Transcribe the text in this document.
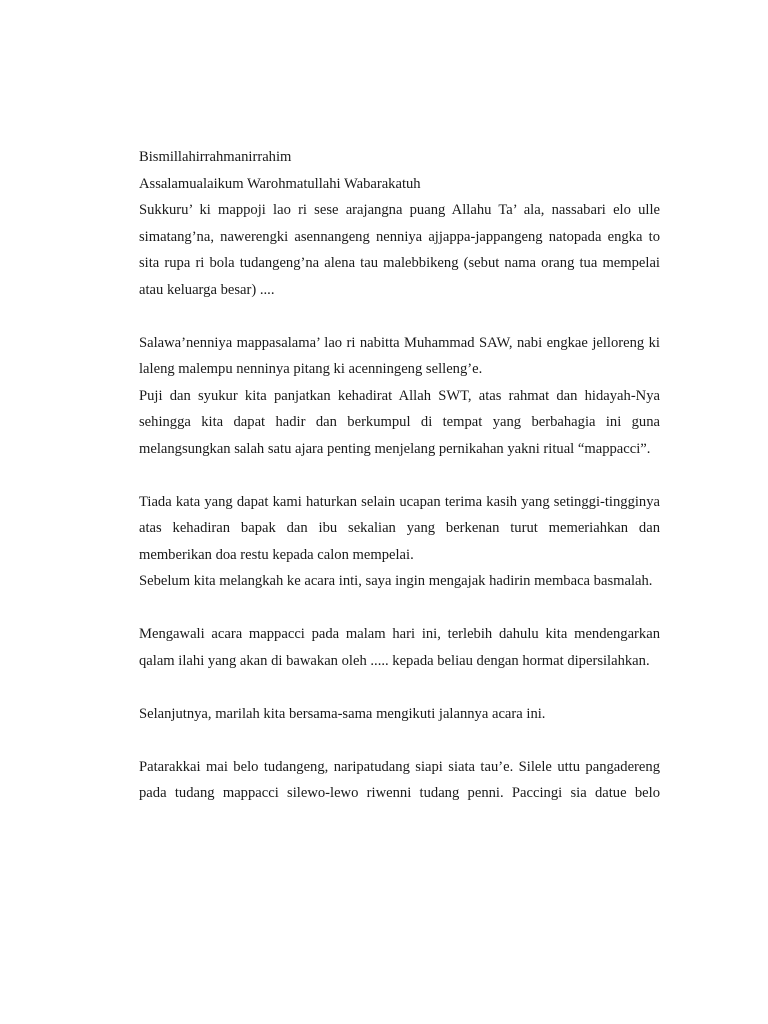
Bismillahirrahmanirrahim

Assalamualaikum Warohmatullahi Wabarakatuh

Sukkuru’ ki mappoji lao ri sese arajangna puang Allahu Ta’ ala, nassabari elo ulle simatang’na, nawerengki asennangeng nenniya ajjappa-jappangeng natopada engka to sita rupa ri bola tudangeng’na alena tau malebbikeng (sebut nama orang tua mempelai atau keluarga besar) ....

Salawa’nenniya mappasalama’ lao ri nabitta Muhammad SAW, nabi engkae jelloreng ki laleng malempu nenninya pitang ki acenningeng selleng’e.

Puji dan syukur kita panjatkan kehadirat Allah SWT, atas rahmat dan hidayah-Nya sehingga kita dapat hadir dan berkumpul di tempat yang berbahagia ini guna melangsungkan salah satu ajara penting menjelang pernikahan yakni ritual “mappacci”.

Tiada kata yang dapat kami haturkan selain ucapan terima kasih yang setinggi-tingginya atas kehadiran bapak dan ibu sekalian yang berkenan turut memeriahkan dan memberikan doa restu kepada calon mempelai.

Sebelum kita melangkah ke acara inti, saya ingin mengajak hadirin membaca basmalah.

Mengawali acara mappacci pada malam hari ini, terlebih dahulu kita mendengarkan qalam ilahi yang akan di bawakan oleh ..... kepada beliau dengan hormat dipersilahkan.

Selanjutnya, marilah kita bersama-sama mengikuti jalannya acara ini.

Patarakkai mai belo tudangeng, naripatudang siapi siata tau’e. Silele uttu pangadereng pada tudang mappacci silewo-lewo riwenni tudang penni. Paccingi sia datue belo
